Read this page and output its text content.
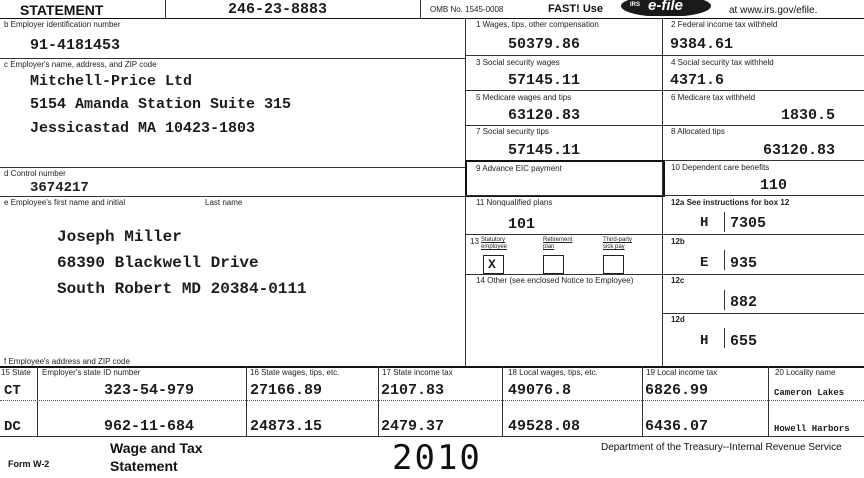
STATEMENT	246-23-8883	OMB No. 1545-0008	FAST! Use	IRS e-file	at www.irs.gov/efile.
b Employer identification number
91-4181453
c Employer's name, address, and ZIP code
Mitchell-Price Ltd
5154 Amanda Station Suite 315
Jessicastad MA 10423-1803
d Control number
3674217
e Employee's first name and initial	Last name
Joseph Miller
68390 Blackwell Drive
South Robert MD 20384-0111
f Employee's address and ZIP code
1 Wages, tips, other compensation
50379.86
3 Social security wages
57145.11
5 Medicare wages and tips
63120.83
7 Social security tips
57145.11
9 Advance EIC payment
11 Nonqualified plans
101
13 Statutory employee
Retirement plan
Third-party sick pay
X
14 Other (see enclosed Notice to Employee)
2 Federal income tax withheld
9384.61
4 Social security tax withheld
4371.6
6 Medicare tax withheld
1830.5
8 Allocated tips
63120.83
10 Dependent care benefits
110
12a See instructions for box 12
H 7305
12b
E 935
12c
882
12d
H 655
15 State Employer's state ID number	16 State wages, tips, etc.	17 State income tax	18 Local wages, tips, etc.	19 Local income tax	20 Locality name
CT	323-54-979	27166.89	2107.83	49076.8	6826.99	Cameron Lakes
DC	962-11-684	24873.15	2479.37	49528.08	6436.07	Howell Harbors
Form W-2
Wage and Tax
Statement	2010	Department of the Treasury--Internal Revenue Service
